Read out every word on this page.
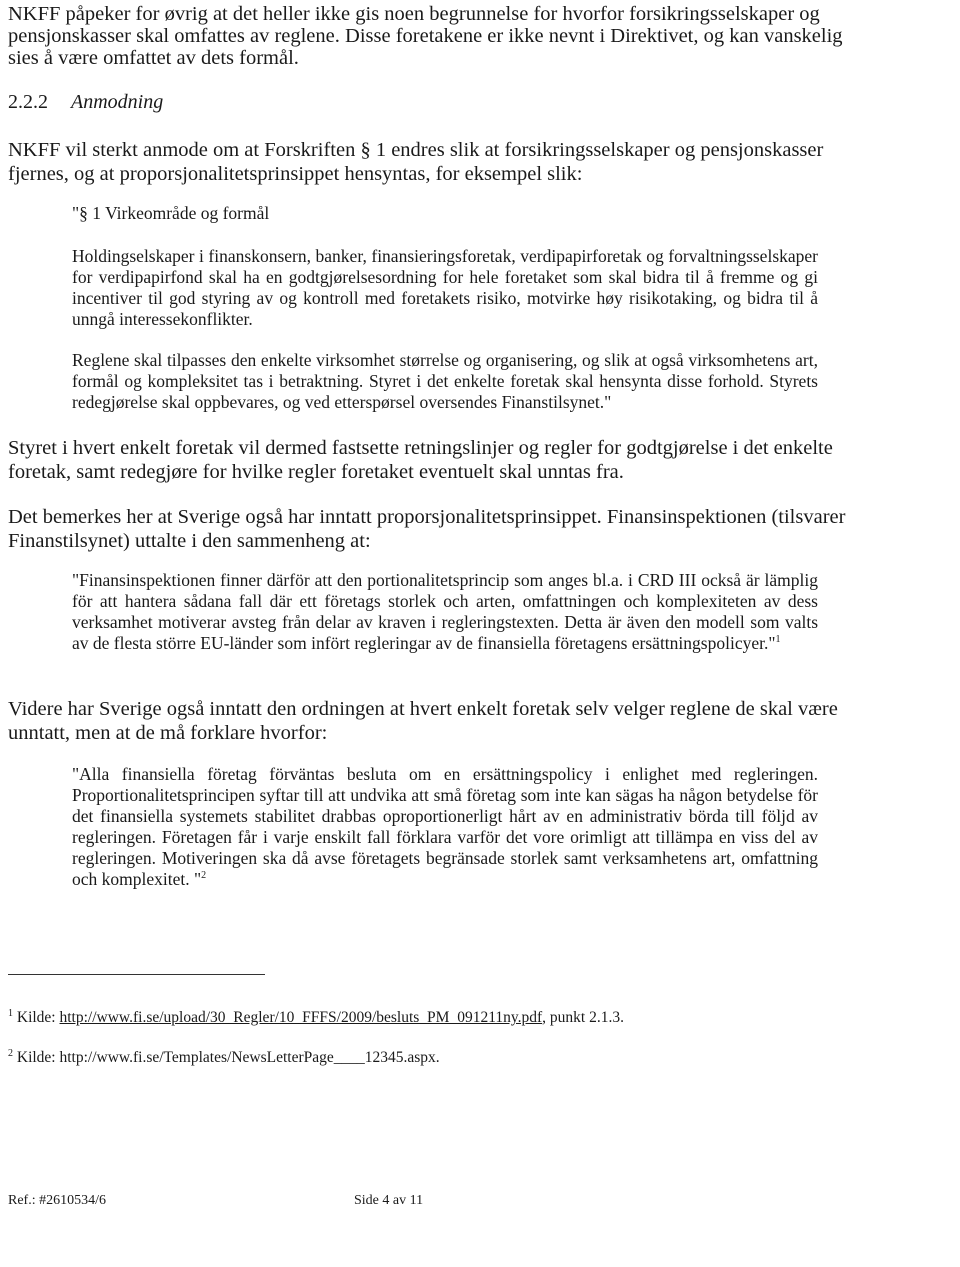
NKFF påpeker for øvrig at det heller ikke gis noen begrunnelse for hvorfor forsikringsselskaper og

pensjonskasser skal omfattes av reglene. Disse foretakene er ikke nevnt i Direktivet, og kan vanskelig

sies å være omfattet av dets formål.

2.2.2 Anmodning

NKFF vil sterkt anmode om at Forskriften § 1 endres slik at forsikringsselskaper og pensjonskasser

fjernes, og at proporsjonalitetsprinsippet hensyntas, for eksempel slik:

"§ 1 Virkeområde og formål

Holdingselskaper i finanskonsern, banker, finansieringsforetak, verdipapirforetak og forvaltningsselskaper for verdipapirfond skal ha en godtgjørelsesordning for hele foretaket som skal bidra til å fremme og gi incentiver til god styring av og kontroll med foretakets risiko, motvirke høy risikotaking, og bidra til å unngå interessekonflikter.

Reglene skal tilpasses den enkelte virksomhet størrelse og organisering, og slik at også virksomhetens art, formål og kompleksitet tas i betraktning. Styret i det enkelte foretak skal hensynta disse forhold. Styrets redegjørelse skal oppbevares, og ved etterspørsel oversendes Finanstilsynet."

Styret i hvert enkelt foretak vil dermed fastsette retningslinjer og regler for godtgjørelse i det enkelte

foretak, samt redegjøre for hvilke regler foretaket eventuelt skal unntas fra.

Det bemerkes her at Sverige også har inntatt proporsjonalitetsprinsippet. Finansinspektionen (tilsvarer

Finanstilsynet) uttalte i den sammenheng at:

"Finansinspektionen finner därför att den portionalitetsprincip som anges bl.a. i CRD III också är lämplig för att hantera sådana fall där ett företags storlek och arten, omfattningen och komplexiteten av dess verksamhet motiverar avsteg från delar av kraven i regleringstexten. Detta är även den modell som valts av de flesta större EU-länder som infört regleringar av de finansiella företagens ersättningspolicyer."$^1$

Videre har Sverige også inntatt den ordningen at hvert enkelt foretak selv velger reglene de skal være

unntatt, men at de må forklare hvorfor:

"Alla finansiella företag förväntas besluta om en ersättningspolicy i enlighet med regleringen. Proportionalitetsprincipen syftar till att undvika att små företag som inte kan sägas ha någon betydelse för det finansiella systemets stabilitet drabbas oproportionerligt hårt av en administrativ börda till följd av regleringen. Företagen får i varje enskilt fall förklara varför det vore orimligt att tillämpa en viss del av regleringen. Motiveringen ska då avse företagets begränsade storlek samt verksamhetens art, omfattning och komplexitet. "$^2$

$^1$ Kilde: http://www.fi.se/upload/30_Regler/10_FFFS/2009/besluts_PM_091211ny.pdf, punkt 2.1.3.

$^2$ Kilde: http://www.fi.se/Templates/NewsLetterPage____12345.aspx.

Ref.: #2610534/6	Side 4 av 11
